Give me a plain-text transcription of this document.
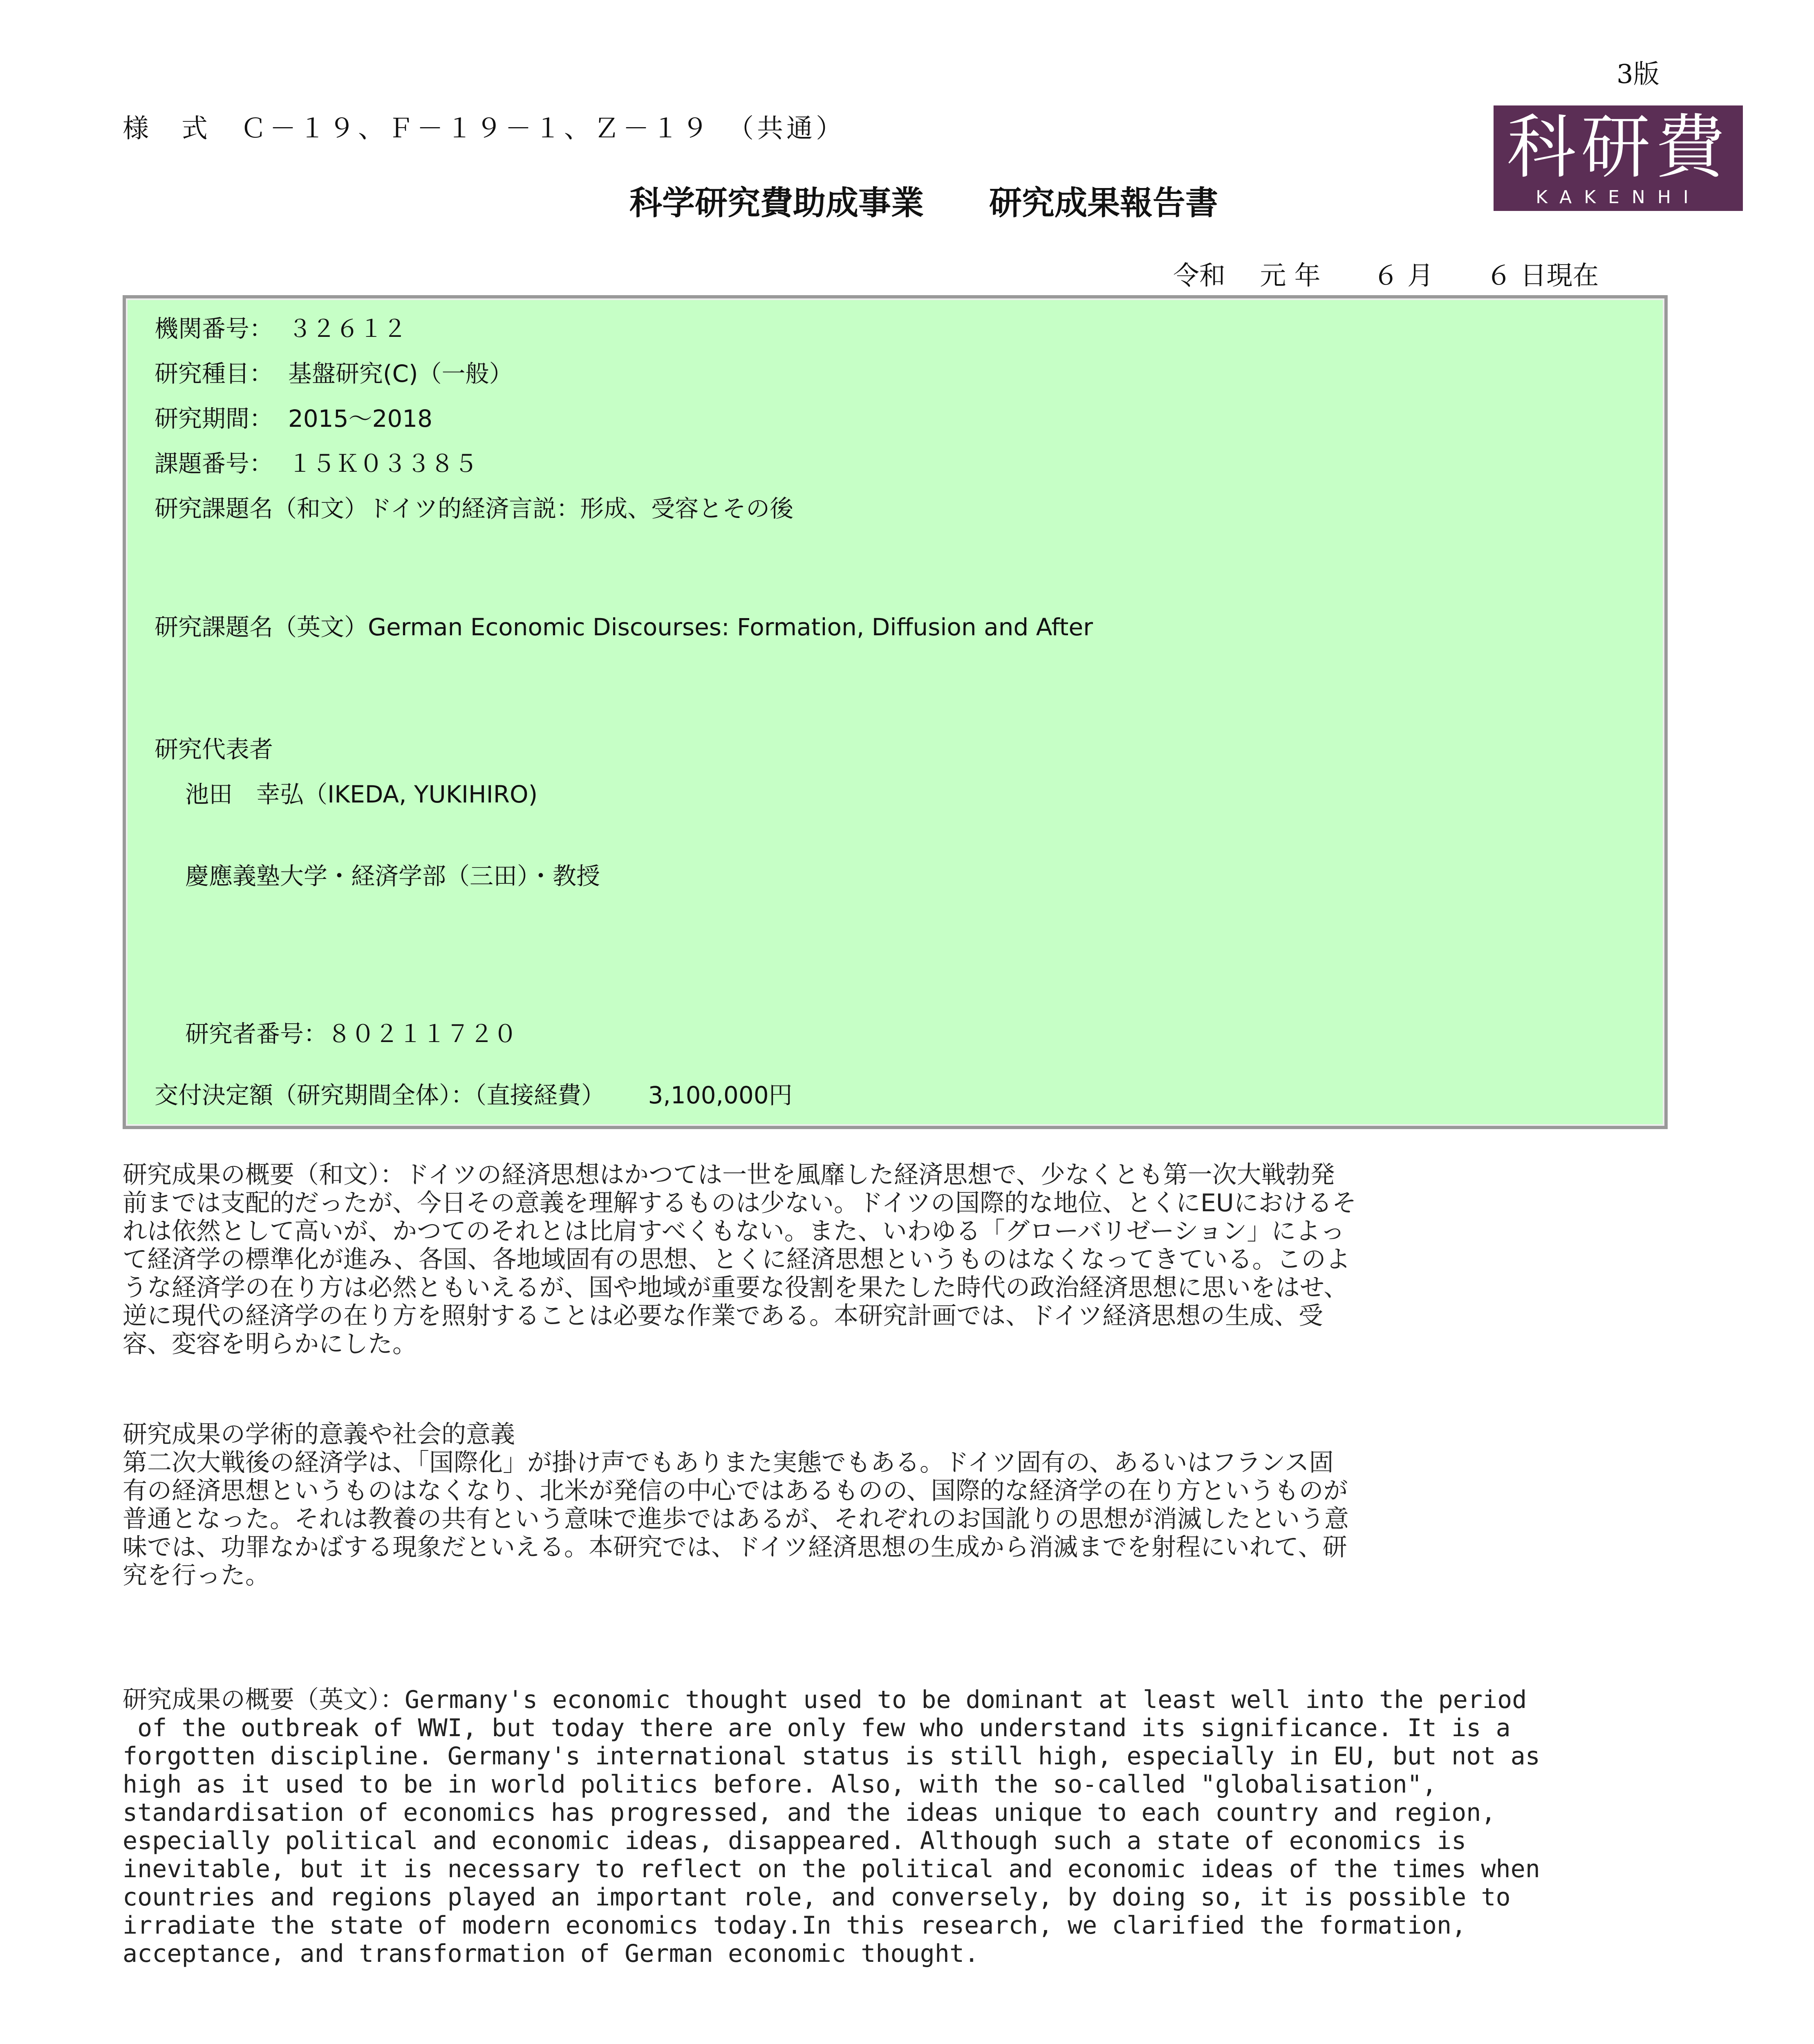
3版
様　式　Ｃ－１９、Ｆ－１９－１、Ｚ－１９　（共通）	科研費
KAKENHI
科学研究費助成事業　　研究成果報告書
令和　 元 年　　６ 月　　６ 日現在
機関番号：  ３２６１２
研究種目：  基盤研究(C)（一般）
研究期間：  2015～2018
課題番号：  １５Ｋ０３３８５
研究課題名（和文）ドイツ的経済言説：形成、受容とその後
研究課題名（英文）German Economic Discourses: Formation, Diffusion and After
研究代表者
池田　幸弘（IKEDA, YUKIHIRO)
慶應義塾大学・経済学部（三田）・教授
研究者番号：８０２１１７２０
交付決定額（研究期間全体）：（直接経費）　　 3,100,000円
研究成果の概要（和文）：ドイツの経済思想はかつては一世を風靡した経済思想で、少なくとも第一次大戦勃発
前までは支配的だったが、今日その意義を理解するものは少ない。ドイツの国際的な地位、とくにEUにおけるそ
れは依然として高いが、かつてのそれとは比肩すべくもない。また、いわゆる「グローバリゼーション」によっ
て経済学の標準化が進み、各国、各地域固有の思想、とくに経済思想というものはなくなってきている。このよ
うな経済学の在り方は必然ともいえるが、国や地域が重要な役割を果たした時代の政治経済思想に思いをはせ、
逆に現代の経済学の在り方を照射することは必要な作業である。本研究計画では、ドイツ経済思想の生成、受
容、変容を明らかにした。
研究成果の学術的意義や社会的意義
第二次大戦後の経済学は、「国際化」が掛け声でもありまた実態でもある。ドイツ固有の、あるいはフランス固
有の経済思想というものはなくなり、北米が発信の中心ではあるものの、国際的な経済学の在り方というものが
普通となった。それは教養の共有という意味で進歩ではあるが、それぞれのお国訛りの思想が消滅したという意
味では、功罪なかばする現象だといえる。本研究では、ドイツ経済思想の生成から消滅までを射程にいれて、研
究を行った。
研究成果の概要（英文）：Germany's economic thought used to be dominant at least well into the period
of the outbreak of WWI, but today there are only few who understand its significance. It is a
forgotten discipline. Germany's international status is still high, especially in EU, but not as
high as it used to be in world politics before. Also, with the so-called "globalisation",
standardisation of economics has progressed, and the ideas unique to each country and region,
especially political and economic ideas, disappeared. Although such a state of economics is
inevitable, but it is necessary to reflect on the political and economic ideas of the times when
countries and regions played an important role, and conversely, by doing so, it is possible to
irradiate the state of modern economics today.In this research, we clarified the formation,
acceptance, and transformation of German economic thought.
